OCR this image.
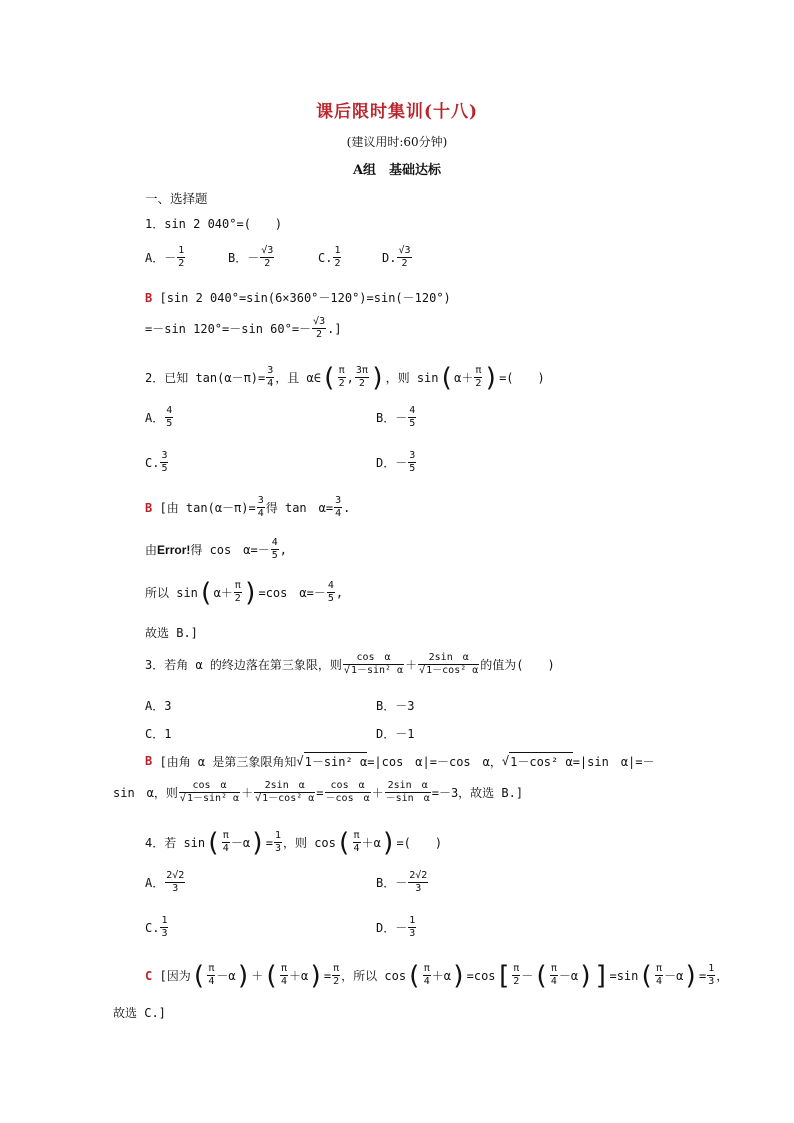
课后限时集训(十八)
(建议用时:60分钟)
A组　基础达标
一、选择题
1．sin 2 040°=(　　)
A．－ $\frac{1}{2}$	B．－ $\frac{√3}{2}$	C. $\frac{1}{2}$	D. $\frac{√3}{2}$
B
[sin 2 040°=sin(6×360°－120°)=sin(－120°)
=－sin 120°=－sin $60^\circ=- \frac{√3}{2}$ .]
2．已知 $\tan(\alpha-\pi)= \frac{3}{4}$ ，且 α∈ ( $\frac{\pi}{2}$ , $\frac{3\pi}{2}$ ) ，则 sin ( $\alpha+ \frac{\pi}{2}$ ) =(　　)
A． $\frac{4}{5}$	B．－ $\frac{4}{5}$
C. $\frac{3}{5}$	D．－ $\frac{3}{5}$
B
[由 $\tan(\alpha-\pi)= \frac{3}{4}$ 得 tan　$\alpha= \frac{3}{4}$ .
由 Error! 得 cos　$\alpha=- \frac{4}{5}$ ,
所以 sin ( $\alpha+ \frac{\pi}{2}$ ) =cos　$\alpha=- \frac{4}{5}$ ,
故选 B.]
3．若角 α 的终边落在第三象限，则 $\frac{\text{cos　α}}{\text{√1－sin² α}} + \frac{\text{2sin　α}}{\text{√1－cos² α}}$ 的值为(　　)
A．3	B．－3
C．1	D．－1
B
[由角 α 是第三象限角知 √ 1－sin² α =|cos　α|=－cos　α， √ 1－cos² α =|sin　α|=－
sin　α，则 $\frac{\text{cos　α}}{\text{√1－sin² α}} + \frac{\text{2sin　α}}{\text{√1－cos² α}} = \frac{\text{cos　α}}{\text{－cos　α}} + \frac{\text{2sin　α}}{\text{－sin　α}} =-3$，故选 B.]
4．若 sin ( $\frac{\pi}{4} -\alpha$ ) = $\frac{1}{3}$ ，则 cos ( $\frac{\pi}{4} +\alpha$ ) =(　　)
A． $\frac{2√2}{3}$	B．－ $\frac{2√2}{3}$
C. $\frac{1}{3}$	D．－ $\frac{1}{3}$
C
[因为 ( $\frac{\pi}{4} -\alpha$ ) ＋ ( $\frac{\pi}{4} +\alpha$ ) = $\frac{\pi}{2}$ ，所以 cos ( $\frac{\pi}{4} +\alpha$ ) =cos [ $\frac{\pi}{2}$ － ( $\frac{\pi}{4} -\alpha$ ) ] =sin ( $\frac{\pi}{4} -\alpha$ ) = $\frac{1}{3}$ ，
故选 C.]
